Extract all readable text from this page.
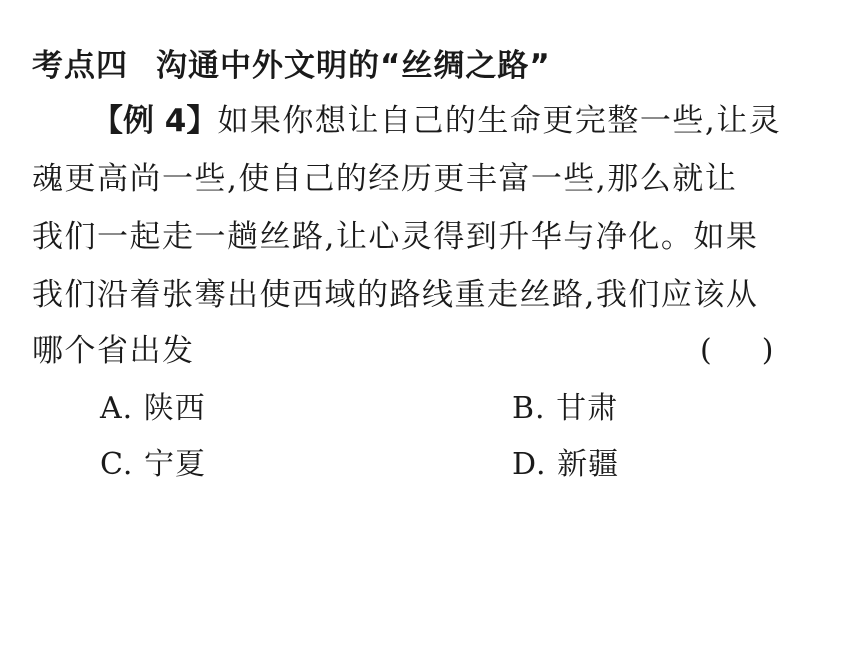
考点四 沟通中外文明的“丝绸之路”
【例 4】如果你想让自己的生命更完整一些,让灵
魂更高尚一些,使自己的经历更丰富一些,那么就让
我们一起走一趟丝路,让心灵得到升华与净化。如果
我们沿着张骞出使西域的路线重走丝路,我们应该从
哪个省出发	( )
A. 陕西	B. 甘肃
C. 宁夏	D. 新疆
